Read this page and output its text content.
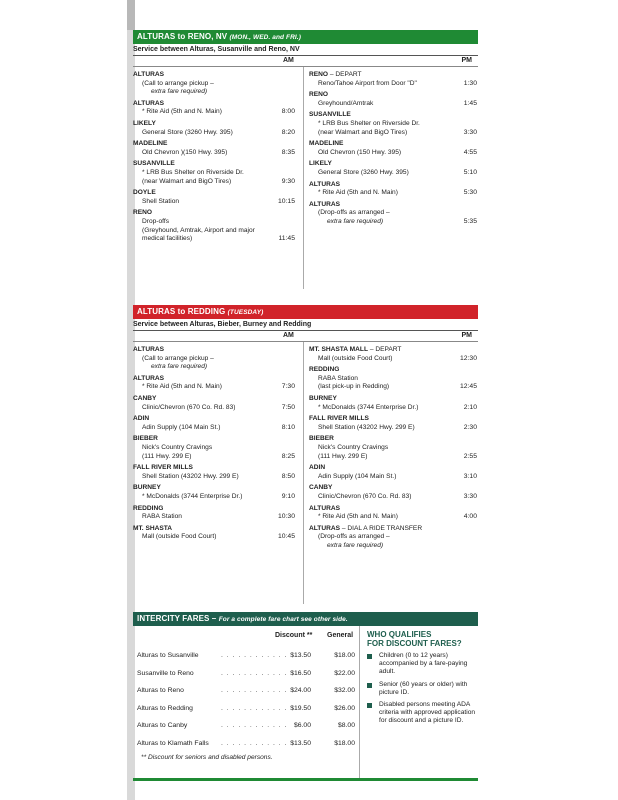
ALTURAS to RENO, NV (MON., WED. and FRI.)
Service between Alturas, Susanville and Reno, NV
AM	PM
ALTURAS
(Call to arrange pickup –
extra fare required)
ALTURAS
* Rite Aid (5th and N. Main)	8:00
LIKELY
General Store (3260 Hwy. 395)	8:20
MADELINE
Old Chevron )(150 Hwy. 395)	8:35
SUSANVILLE
* LRB Bus Shelter on Riverside Dr.
(near Walmart and BigO Tires)	9:30
DOYLE
Shell Station	10:15
RENO
Drop-offs
(Greyhound, Amtrak, Airport and major
medical facilities)	11:45
RENO – DEPART
Reno/Tahoe Airport from Door "D"	1:30
RENO
Greyhound/Amtrak	1:45
SUSANVILLE
* LRB Bus Shelter on Riverside Dr.
(near Walmart and BigO Tires)	3:30
MADELINE
Old Chevron (150 Hwy. 395)	4:55
LIKELY
General Store (3260 Hwy. 395)	5:10
ALTURAS
* Rite Aid (5th and N. Main)	5:30
ALTURAS
(Drop-offs as arranged –
extra fare required)	5:35
ALTURAS to REDDING (TUESDAY)
Service between Alturas, Bieber, Burney and Redding
AM	PM
ALTURAS
(Call to arrange pickup –
extra fare required)
ALTURAS
* Rite Aid (5th and N. Main)	7:30
CANBY
Clinic/Chevron (670 Co. Rd. 83)	7:50
ADIN
Adin Supply (104 Main St.)	8:10
BIEBER
Nick's Country Cravings
(111 Hwy. 299 E)	8:25
FALL RIVER MILLS
Shell Station (43202 Hwy. 299 E)	8:50
BURNEY
* McDonalds (3744 Enterprise Dr.)	9:10
REDDING
RABA Station	10:30
MT. SHASTA
Mall (outside Food Court)	10:45
MT. SHASTA MALL – DEPART
Mall (outside Food Court)	12:30
REDDING
RABA Station
(last pick-up in Redding)	12:45
BURNEY
* McDonalds (3744 Enterprise Dr.)	2:10
FALL RIVER MILLS
Shell Station (43202 Hwy. 299 E)	2:30
BIEBER
Nick's Country Cravings
(111 Hwy. 299 E)	2:55
ADIN
Adin Supply (104 Main St.)	3:10
CANBY
Clinic/Chevron (670 Co. Rd. 83)	3:30
ALTURAS
* Rite Aid (5th and N. Main)	4:00
ALTURAS – DIAL A RIDE TRANSFER
(Drop-offs as arranged –
extra fare required)
INTERCITY FARES – For a complete fare chart see other side.
Discount ** General
Alturas to Susanville	. . . . . . . . . . . . $13.50	$18.00
Susanville to Reno	. . . . . . . . . . . . $16.50	$22.00
Alturas to Reno	. . . . . . . . . . . . $24.00	$32.00
Alturas to Redding	. . . . . . . . . . . . $19.50	$26.00
Alturas to Canby	. . . . . . . . . . . . $6.00	$8.00
Alturas to Klamath Falls	. . . . . . . . . . . . $13.50	$18.00
** Discount for seniors and disabled persons.
WHO QUALIFIES
FOR DISCOUNT FARES?
Children (0 to 12 years) accompanied by a fare-paying adult.
Senior (60 years or older) with picture ID.
Disabled persons meeting ADA criteria with approved application for discount and a picture ID.
